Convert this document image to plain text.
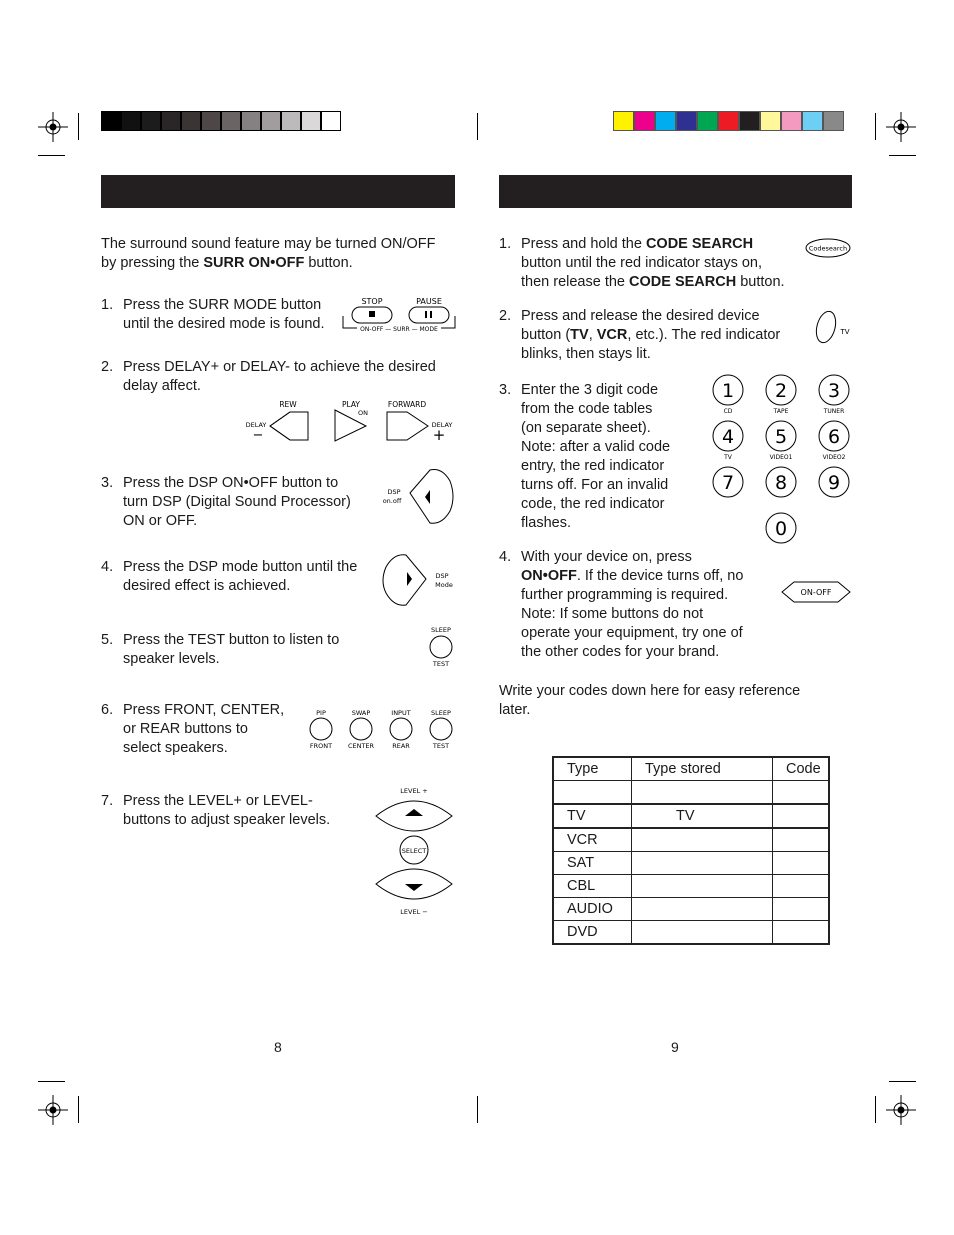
The surround sound feature may be turned ON/OFF
by pressing the SURR ON•OFF button.
1. Press the SURR MODE button
until the desired mode is found.
STOP	PAUSE
ON-OFF — SURR — MODE
2. Press DELAY+ or DELAY- to achieve the desired
delay affect.
REW	PLAY
ON
FORWARD
DELAY
−
DELAY
+
3. Press the DSP ON•OFF button to
turn DSP (Digital Sound Processor)
ON or OFF.
DSP
on.off
4. Press the DSP mode button until the
desired effect is achieved.
DSP
Mode
5. Press the TEST button to listen to
speaker levels.
SLEEP
TEST
6. Press FRONT, CENTER,
or REAR buttons to
select speakers.
PIP	SWAP	INPUT	SLEEP
FRONT CENTER	REAR	TEST
7. Press the LEVEL+ or LEVEL-
buttons to adjust speaker levels.
LEVEL +
SELECT
LEVEL −
8
1. Press and hold the CODE SEARCH
button until the red indicator stays on,
then release the CODE SEARCH button.
Codesearch
2. Press and release the desired device
button (TV, VCR, etc.). The red indicator
blinks, then stays lit.
TV
3. Enter the 3 digit code
from the code tables
(on separate sheet).
Note: after a valid code
entry, the red indicator
turns off. For an invalid
code, the red indicator
flashes.
1
CD
2
TAPE
3
TUNER
4
TV
5
VIDEO1
6
VIDEO2
7 8 9
0
4. With your device on, press
ON•OFF. If the device turns off, no
further programming is required.
Note: If some buttons do not
operate your equipment, try one of
the other codes for your brand.
ON-OFF
Write your codes down here for easy reference
later.
Type	Type stored	Code

TV	TV	
VCR		
SAT		
CBL		
AUDIO		
DVD		
9
